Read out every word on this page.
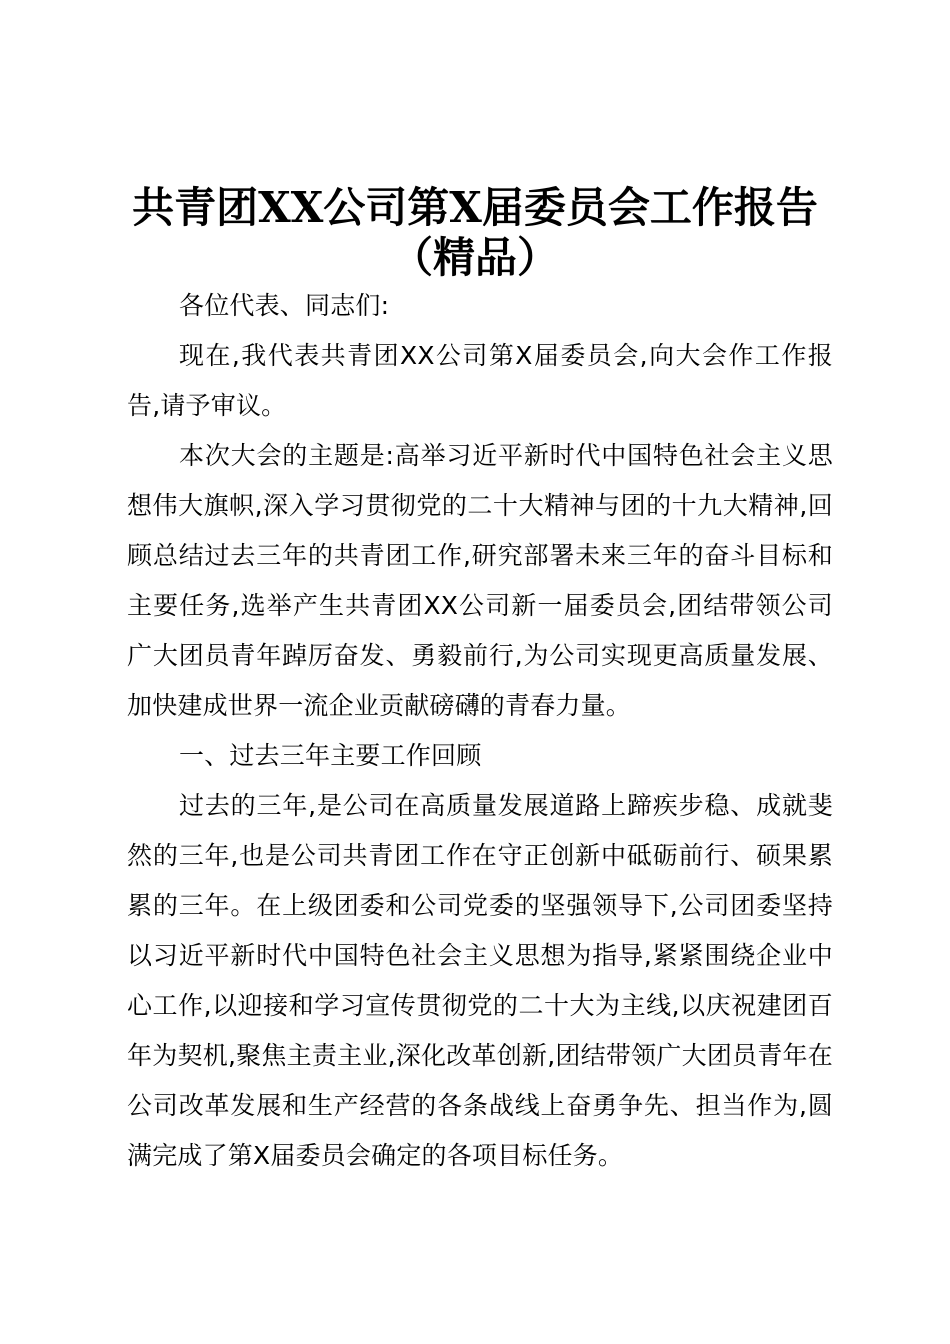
共青团XX公司第X届委员会工作报告
（精品）

各位代表、同志们:

现在,我代表共青团XX公司第X届委员会,向大会作工作报告,请予审议。

本次大会的主题是:高举习近平新时代中国特色社会主义思想伟大旗帜,深入学习贯彻党的二十大精神与团的十九大精神,回顾总结过去三年的共青团工作,研究部署未来三年的奋斗目标和主要任务,选举产生共青团XX公司新一届委员会,团结带领公司广大团员青年踔厉奋发、勇毅前行,为公司实现更高质量发展、加快建成世界一流企业贡献磅礴的青春力量。

一、过去三年主要工作回顾

过去的三年,是公司在高质量发展道路上蹄疾步稳、成就斐然的三年,也是公司共青团工作在守正创新中砥砺前行、硕果累累的三年。在上级团委和公司党委的坚强领导下,公司团委坚持以习近平新时代中国特色社会主义思想为指导,紧紧围绕企业中心工作,以迎接和学习宣传贯彻党的二十大为主线,以庆祝建团百年为契机,聚焦主责主业,深化改革创新,团结带领广大团员青年在公司改革发展和生产经营的各条战线上奋勇争先、担当作为,圆满完成了第X届委员会确定的各项目标任务。
